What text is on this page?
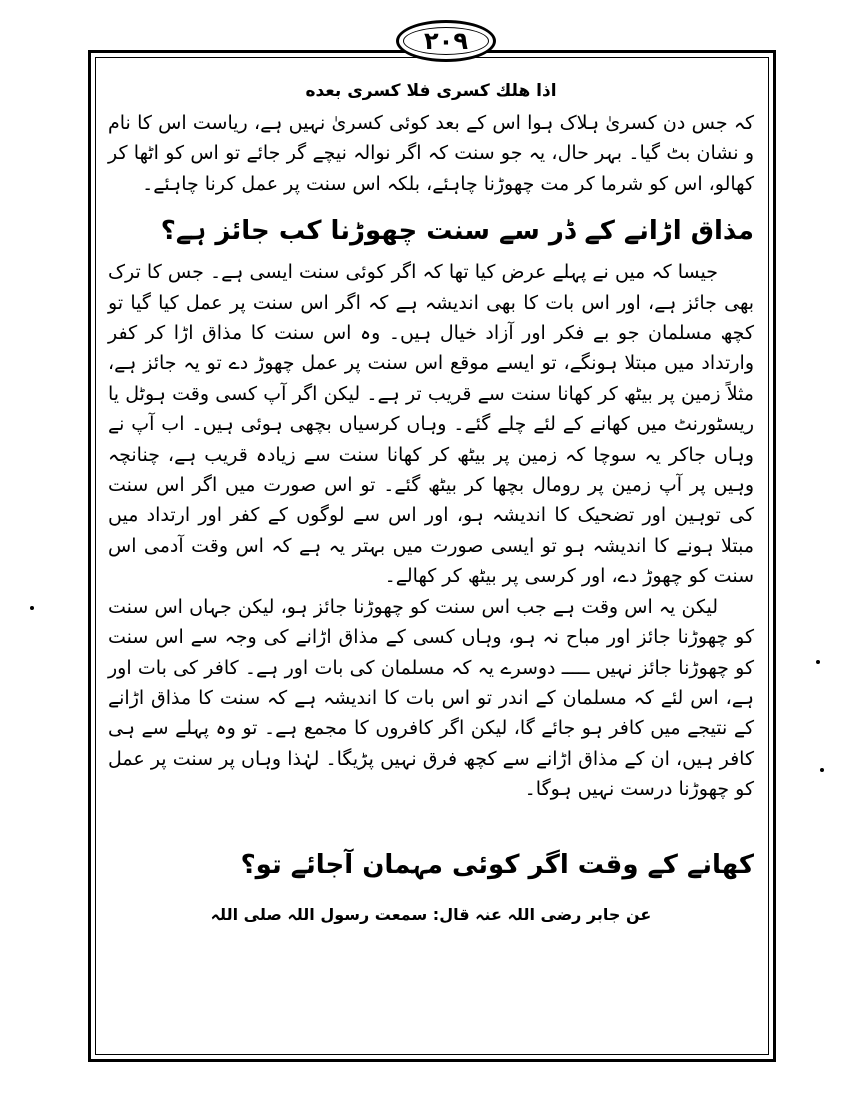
۲۰۹
اذا هلك كسرى فلا كسرى بعده

کہ جس دن کسریٰ ہلاک ہوا اس کے بعد کوئی کسریٰ نہیں ہے، ریاست اس کا نام و نشان بٹ گیا۔ بہر حال، یہ جو سنت کہ اگر نوالہ نیچے گر جائے تو اس کو اٹھا کر کھالو، اس کو شرما کر مت چھوڑنا چاہئے، بلکہ اس سنت پر عمل کرنا چاہئے۔

مذاق اڑانے کے ڈر سے سنت چھوڑنا کب جائز ہے؟

جیسا کہ میں نے پہلے عرض کیا تھا کہ اگر کوئی سنت ایسی ہے۔ جس کا ترک بھی جائز ہے، اور اس بات کا بھی اندیشہ ہے کہ اگر اس سنت پر عمل کیا گیا تو کچھ مسلمان جو بے فکر اور آزاد خیال ہیں۔ وہ اس سنت کا مذاق اڑا کر کفر وارتداد میں مبتلا ہونگے، تو ایسے موقع اس سنت پر عمل چھوڑ دے تو یہ جائز ہے، مثلاً زمین پر بیٹھ کر کھانا سنت سے قریب تر ہے۔ لیکن اگر آپ کسی وقت ہوٹل یا ریسٹورنٹ میں کھانے کے لئے چلے گئے۔ وہاں کرسیاں بچھی ہوئی ہیں۔ اب آپ نے وہاں جاکر یہ سوچا کہ زمین پر بیٹھ کر کھانا سنت سے زیادہ قریب ہے، چنانچہ وہیں پر آپ زمین پر رومال بچھا کر بیٹھ گئے۔ تو اس صورت میں اگر اس سنت کی توہین اور تضحیک کا اندیشہ ہو، اور اس سے لوگوں کے کفر اور ارتداد میں مبتلا ہونے کا اندیشہ ہو تو ایسی صورت میں بہتر یہ ہے کہ اس وقت آدمی اس سنت کو چھوڑ دے، اور کرسی پر بیٹھ کر کھالے۔

لیکن یہ اس وقت ہے جب اس سنت کو چھوڑنا جائز ہو، لیکن جہاں اس سنت کو چھوڑنا جائز اور مباح نہ ہو، وہاں کسی کے مذاق اڑانے کی وجہ سے اس سنت کو چھوڑنا جائز نہیں ـــــ دوسرے یہ کہ مسلمان کی بات اور ہے۔ کافر کی بات اور ہے، اس لئے کہ مسلمان کے اندر تو اس بات کا اندیشہ ہے کہ سنت کا مذاق اڑانے کے نتیجے میں کافر ہو جائے گا، لیکن اگر کافروں کا مجمع ہے۔ تو وہ پہلے سے ہی کافر ہیں، ان کے مذاق اڑانے سے کچھ فرق نہیں پڑیگا۔ لہٰذا وہاں پر سنت پر عمل کو چھوڑنا درست نہیں ہوگا۔

کھانے کے وقت اگر کوئی مہمان آجائے تو؟
عن جابر رضی اللہ عنہ قال: سمعت رسول اللہ صلی اللہ
